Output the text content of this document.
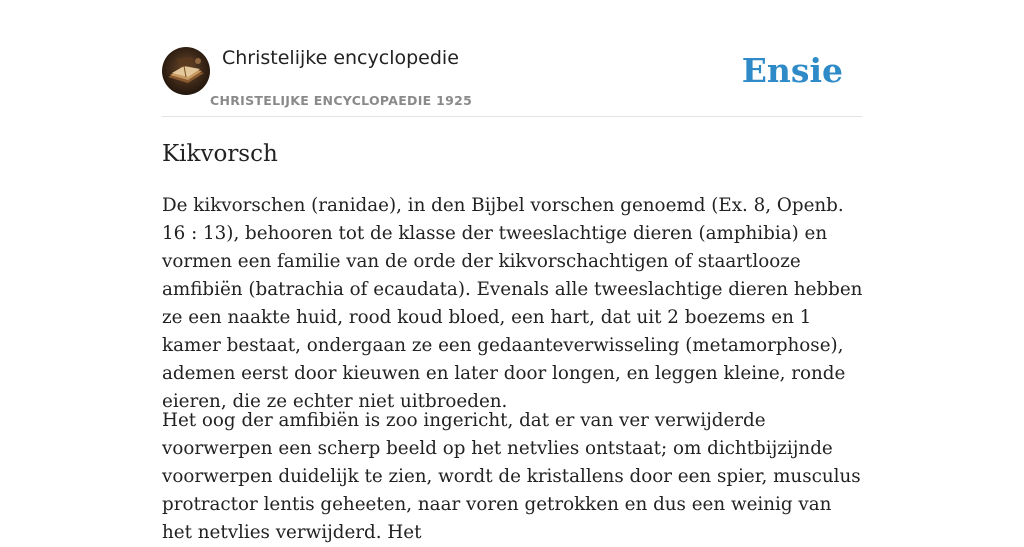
Christelijke encyclopedie
CHRISTELIJKE ENCYCLOPAEDIE 1925
Ensie
Kikvorsch

De kikvorschen (ranidae), in den Bijbel vorschen genoemd (Ex. 8, Openb. 16 : 13), behooren tot de klasse der tweeslachtige dieren (amphibia) en vormen een familie van de orde der kikvorschachtigen of staartlooze amfibiën (batrachia of ecaudata). Evenals alle tweeslachtige dieren hebben ze een naakte huid, rood koud bloed, een hart, dat uit 2 boezems en 1 kamer bestaat, ondergaan ze een gedaanteverwisseling (metamorphose), ademen eerst door kieuwen en later door longen, en leggen kleine, ronde eieren, die ze echter niet uitbroeden.

Het oog der amfibiën is zoo ingericht, dat er van ver verwijderde voorwerpen een scherp beeld op het netvlies ontstaat; om dichtbijzijnde voorwerpen duidelijk te zien, wordt de kristallens door een spier, musculus protractor lentis geheeten, naar voren getrokken en dus een weinig van het netvlies verwijderd. Het
